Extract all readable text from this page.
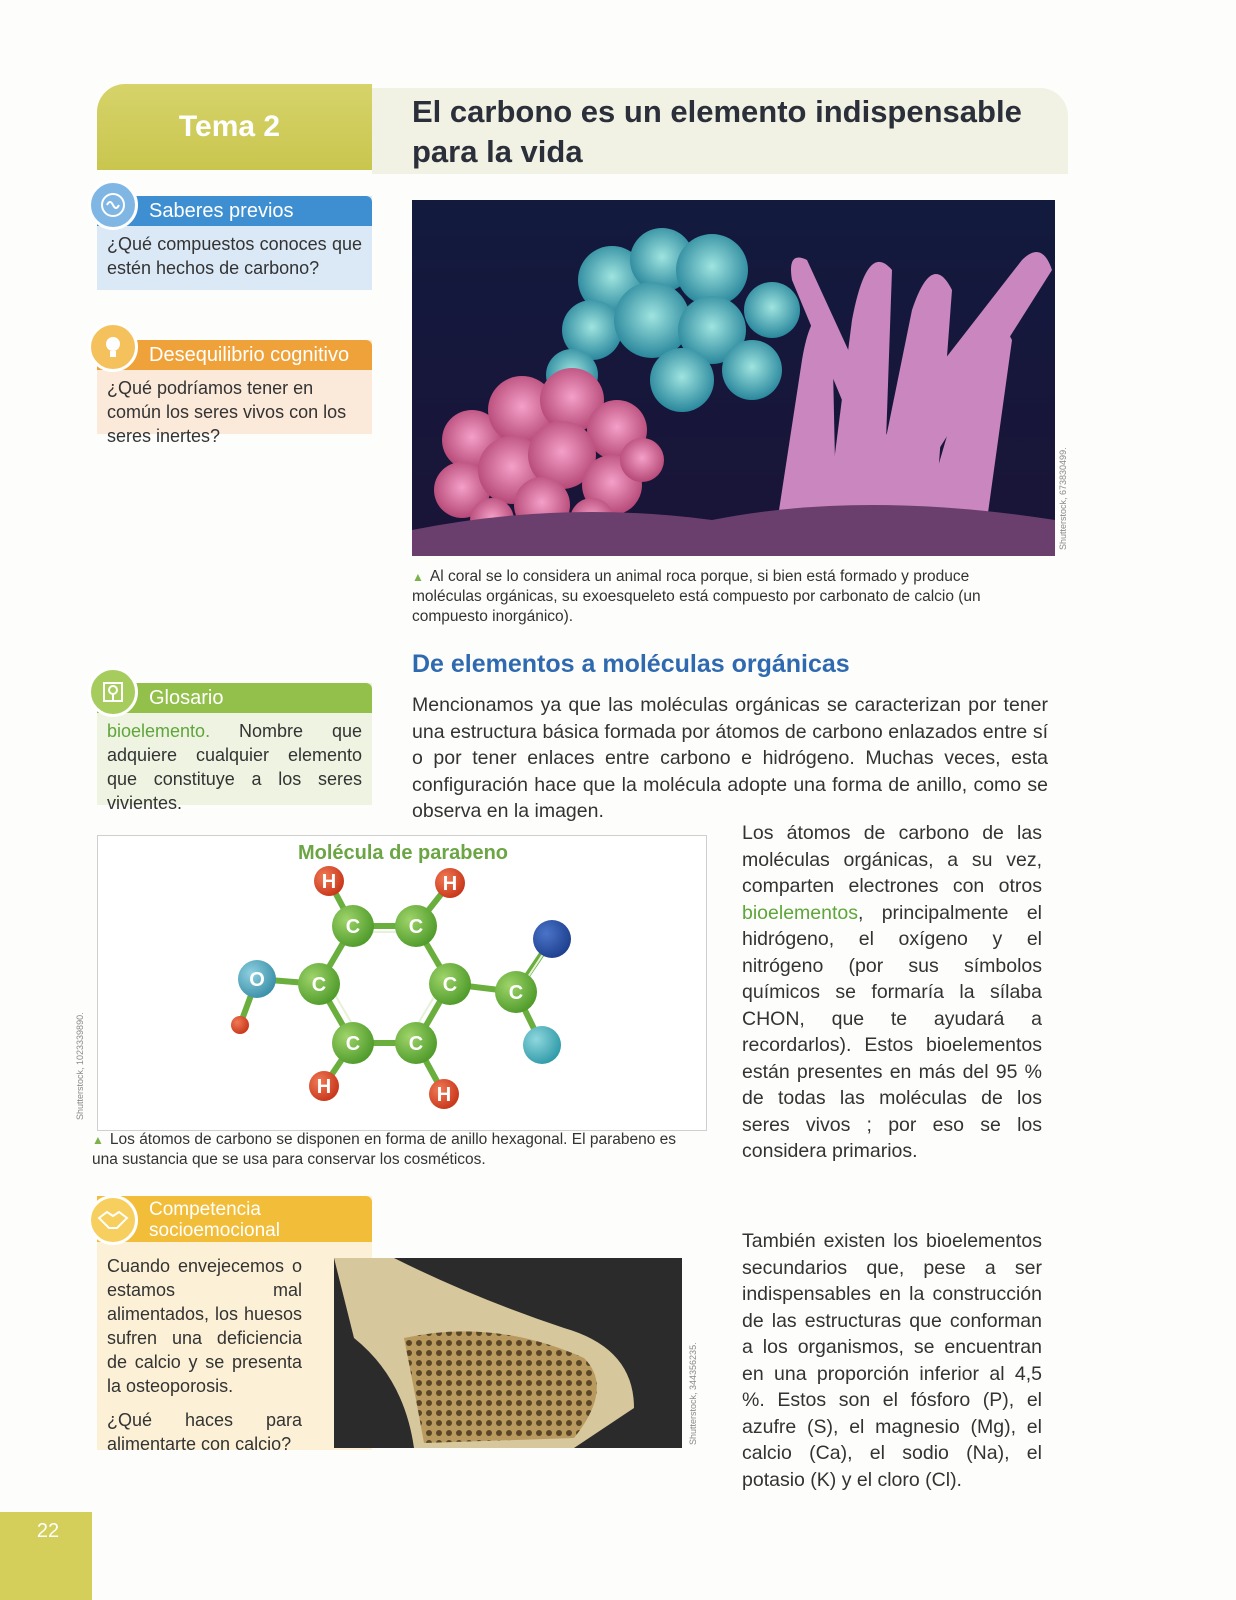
Tema 2	El carbono es un elemento indispensable para la vida
Saberes previos
¿Qué compuestos conoces que estén hechos de carbono?
Desequilibrio cognitivo
¿Qué podríamos tener en común los seres vivos con los seres inertes?
Shutterstock, 673830499.
▲ Al coral se lo considera un animal roca porque, si bien está formado y produce moléculas orgánicas, su exoesqueleto está compuesto por carbonato de calcio (un compuesto inorgánico).
De elementos a moléculas orgánicas
Mencionamos ya que las moléculas orgánicas se caracterizan por tener una estructura básica formada por átomos de carbono enlazados entre sí o por tener enlaces entre carbono e hidrógeno. Muchas veces, esta configuración hace que la molécula adopte una forma de anillo, como se observa en la imagen.
Glosario
bioelemento. Nombre que adquiere cualquier elemento que constituye a los seres vivientes.
Molécula de parabeno
C C
C
C
C
C	C
O
H	H
H	H
Shutterstock, 1023339890.
▲ Los átomos de carbono se disponen en forma de anillo hexagonal. El parabeno es una sustancia que se usa para conservar los cosméticos.
Los átomos de carbono de las moléculas orgánicas, a su vez, comparten electrones con otros bioelementos, principalmente el hidrógeno, el oxígeno y el nitrógeno (por sus símbolos químicos se formaría la sílaba CHON, que te ayudará a recordarlos). Estos bioelementos están presentes en más del 95 % de todas las moléculas de los seres vivos ; por eso se los considera primarios.
Competencia
socioemocional
Cuando envejecemos o estamos mal alimentados, los huesos sufren una deficiencia de calcio y se presenta la osteoporosis.
¿Qué haces para alimentarte con calcio?	Shutterstock, 344356235.
También existen los bioelementos secundarios que, pese a ser indispensables en la construcción de las estructuras que conforman a los organismos, se encuentran en una proporción inferior al 4,5 %. Estos son el fósforo (P), el azufre (S), el magnesio (Mg), el calcio (Ca), el sodio (Na), el potasio (K) y el cloro (Cl).
22
